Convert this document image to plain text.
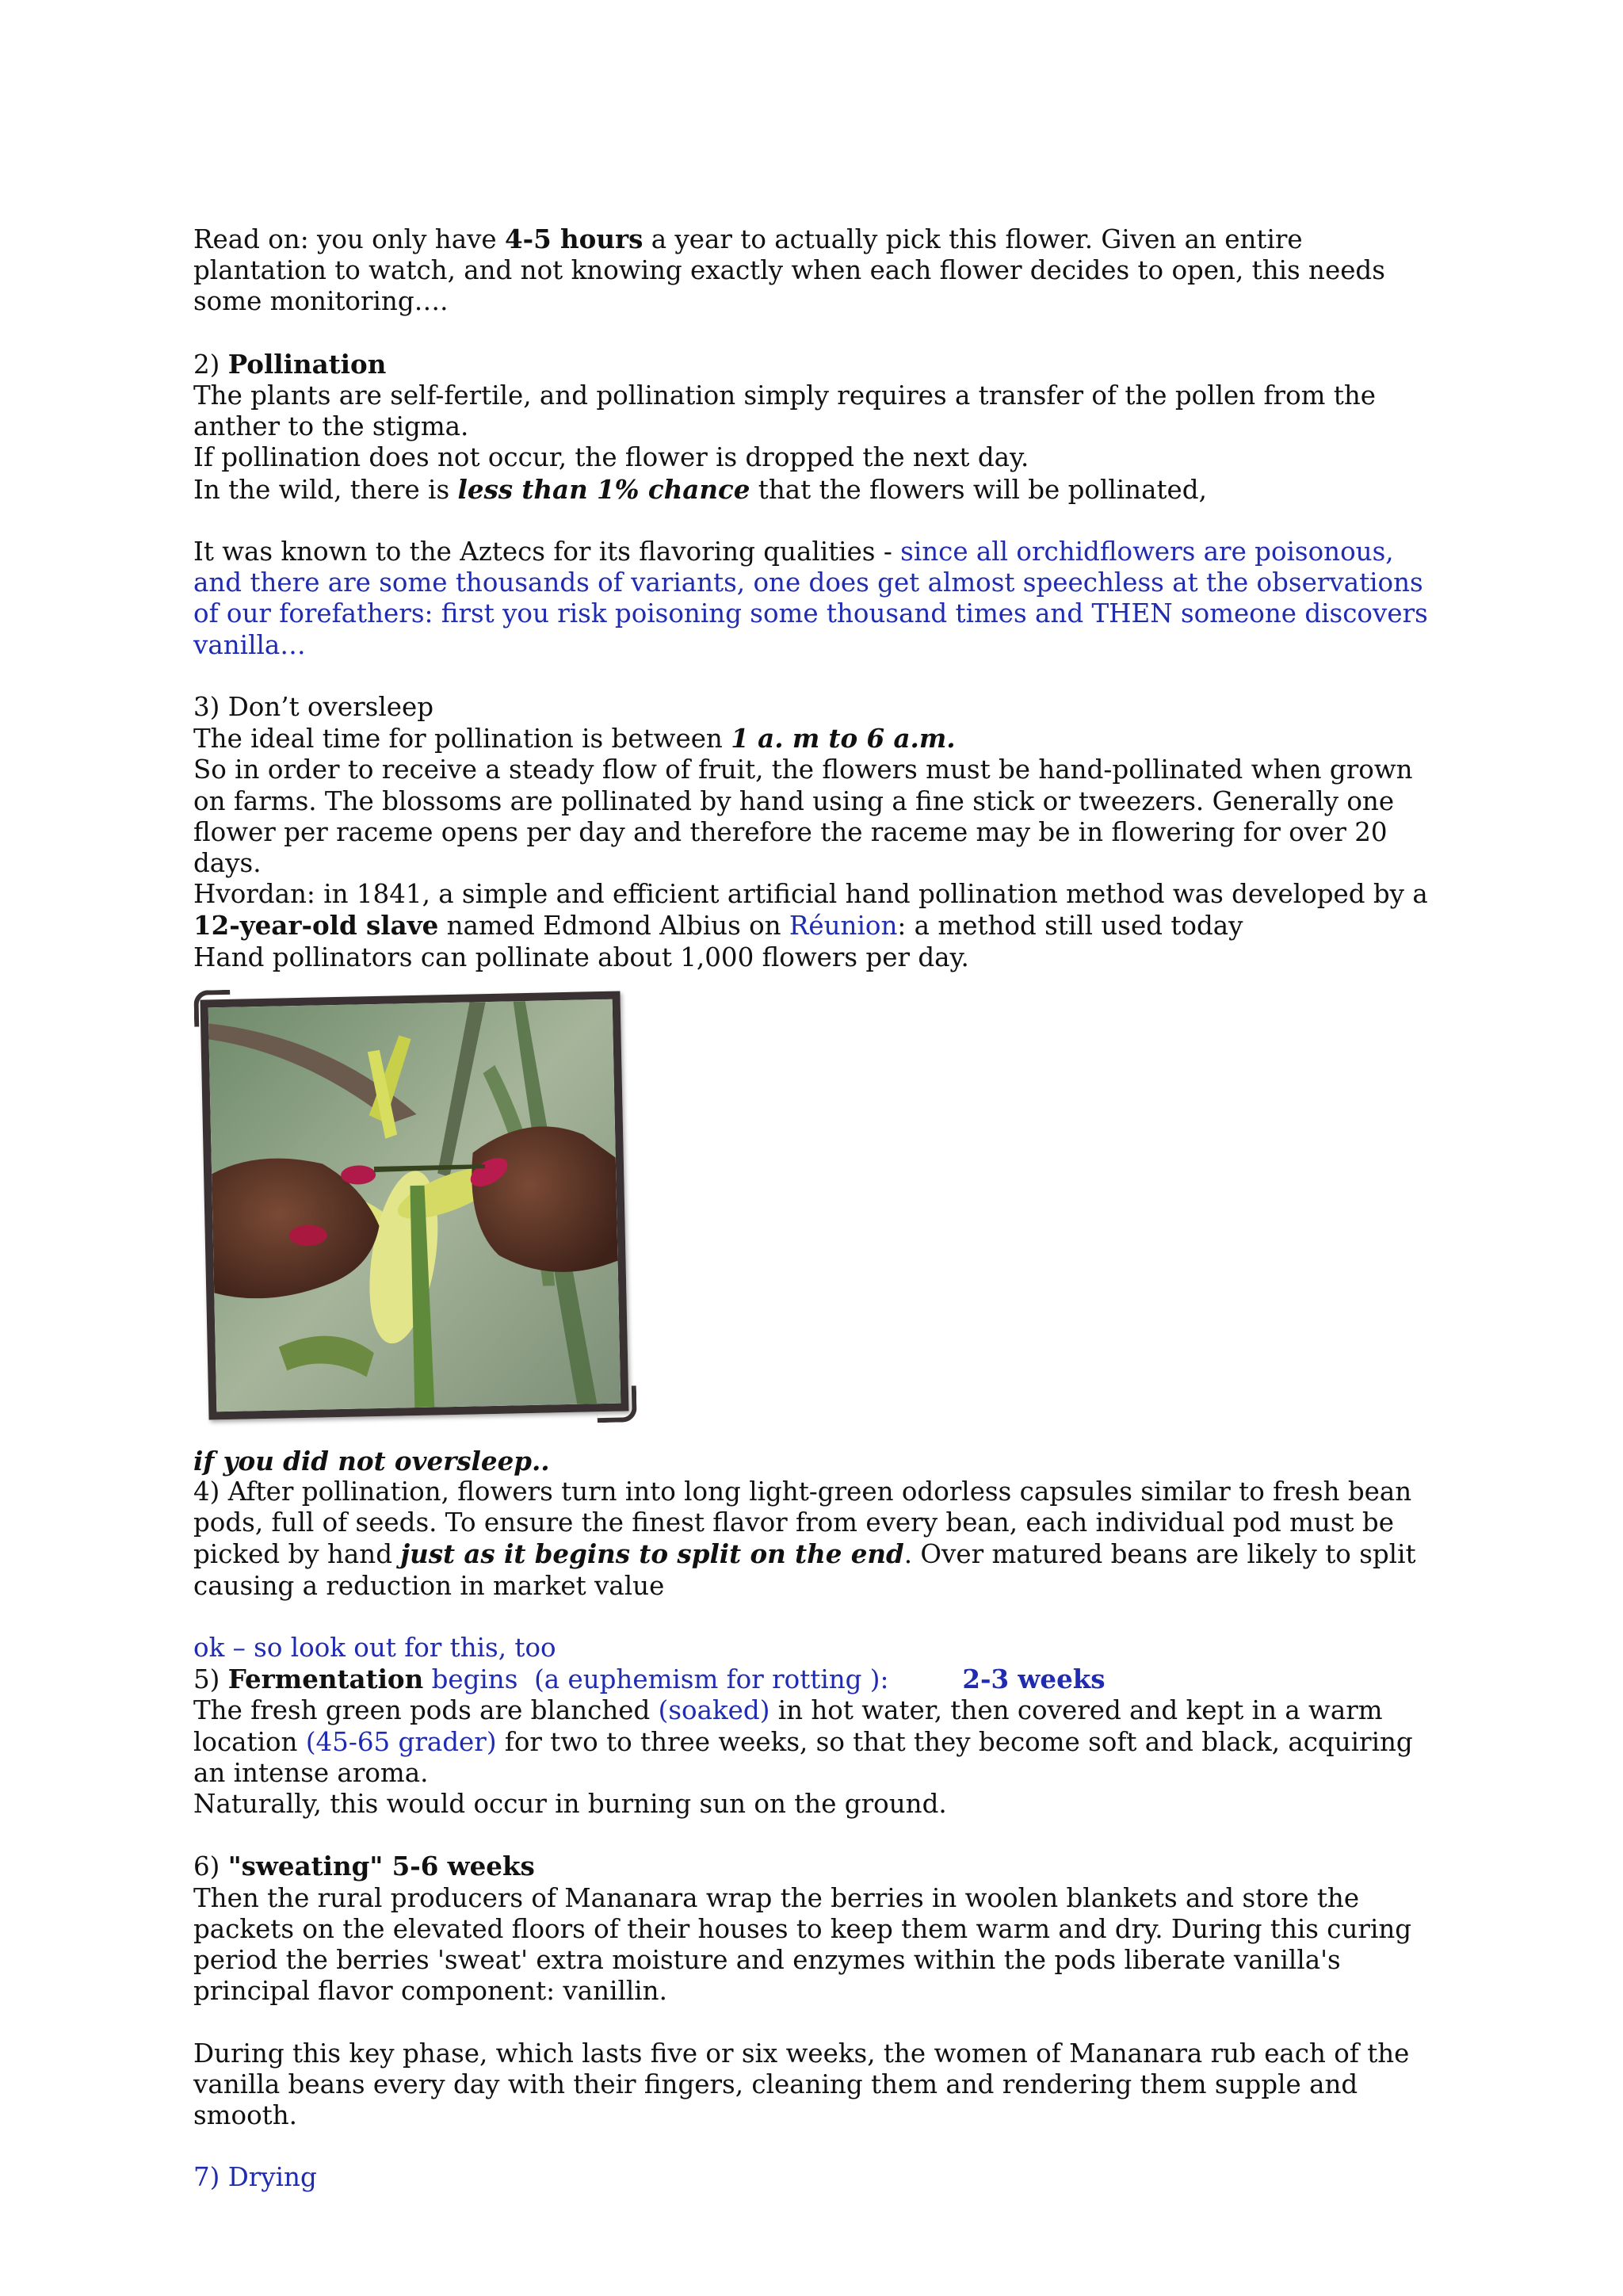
Read on: you only have 4-5 hours a year to actually pick this flower. Given an entire plantation to watch, and not knowing exactly when each flower decides to open, this needs some monitoring….

2) Pollination

The plants are self-fertile, and pollination simply requires a transfer of the pollen from the anther to the stigma.

If pollination does not occur, the flower is dropped the next day.

In the wild, there is less than 1% chance that the flowers will be pollinated,

It was known to the Aztecs for its flavoring qualities - since all orchidflowers are poisonous, and there are some thousands of variants, one does get almost speechless at the observations of our forefathers: first you risk poisoning some thousand times and THEN someone discovers vanilla…

3) Don’t oversleep

The ideal time for pollination is between 1 a. m to 6 a.m.

So in order to receive a steady flow of fruit, the flowers must be hand-pollinated when grown on farms. The blossoms are pollinated by hand using a fine stick or tweezers. Generally one flower per raceme opens per day and therefore the raceme may be in flowering for over 20 days.

Hvordan: in 1841, a simple and efficient artificial hand pollination method was developed by a 12-year-old slave named Edmond Albius on Réunion: a method still used today

Hand pollinators can pollinate about 1,000 flowers per day.

if you did not oversleep..

4) After pollination, flowers turn into long light-green odorless capsules similar to fresh bean pods, full of seeds. To ensure the finest flavor from every bean, each individual pod must be picked by hand just as it begins to split on the end. Over matured beans are likely to split causing a reduction in market value

ok – so look out for this, too

5) Fermentation begins  (a euphemism for rotting ):         2-3 weeks

The fresh green pods are blanched (soaked) in hot water, then covered and kept in a warm location (45-65 grader) for two to three weeks, so that they become soft and black, acquiring an intense aroma.

Naturally, this would occur in burning sun on the ground.

6) "sweating" 5-6 weeks

Then the rural producers of Mananara wrap the berries in woolen blankets and store the packets on the elevated floors of their houses to keep them warm and dry. During this curing period the berries 'sweat' extra moisture and enzymes within the pods liberate vanilla's principal flavor component: vanillin.

During this key phase, which lasts five or six weeks, the women of Mananara rub each of the vanilla beans every day with their fingers, cleaning them and rendering them supple and smooth.

7) Drying
